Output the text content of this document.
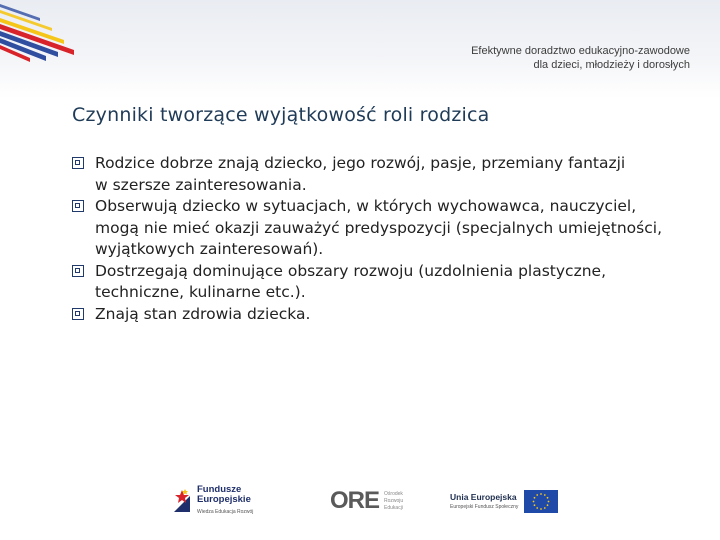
Efektywne doradztwo edukacyjno-zawodowe
dla dzieci, młodzieży i dorosłych
Czynniki tworzące wyjątkowość roli rodzica
Rodzice dobrze znają dziecko, jego rozwój, pasje, przemiany fantazji
w szersze zainteresowania.
Obserwują dziecko w sytuacjach, w których wychowawca, nauczyciel,
mogą nie mieć okazji zauważyć predyspozycji (specjalnych umiejętności,
wyjątkowych zainteresowań).
Dostrzegają dominujące obszary rozwoju (uzdolnienia plastyczne,
techniczne, kulinarne etc.).
Znają stan zdrowia dziecka.
Fundusze
Europejskie
Wiedza Edukacja Rozwój	ORE Ośrodek
Rozwoju
Edukacji
Unia Europejska
Europejski Fundusz Społeczny
